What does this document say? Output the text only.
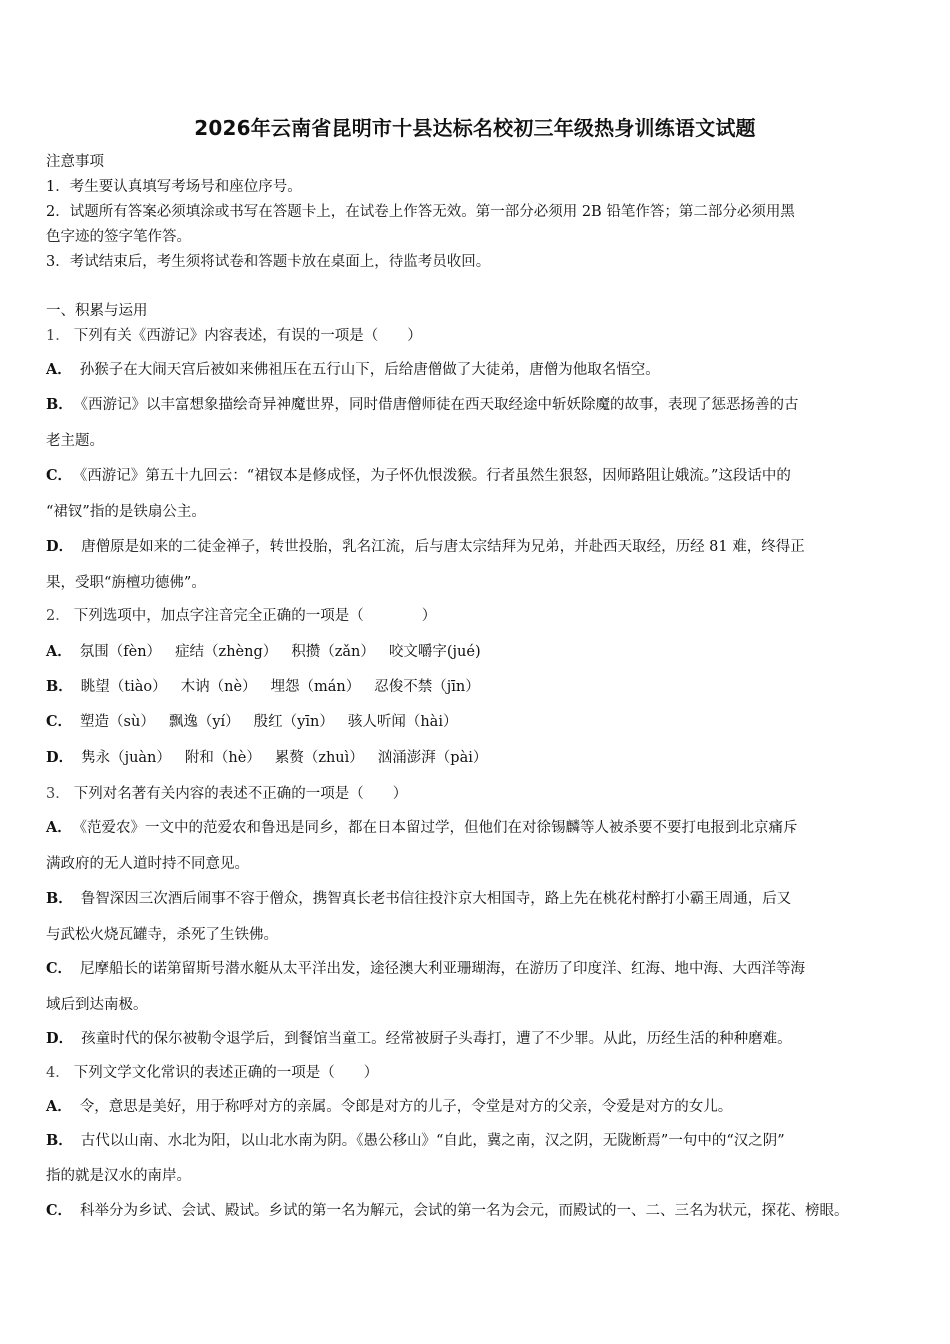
2026年云南省昆明市十县达标名校初三年级热身训练语文试题
注意事项
1．考生要认真填写考场号和座位序号。
2．试题所有答案必须填涂或书写在答题卡上，在试卷上作答无效。第一部分必须用 2B 铅笔作答；第二部分必须用黑
色字迹的签字笔作答。
3．考试结束后，考生须将试卷和答题卡放在桌面上，待监考员收回。
一、积累与运用
1． 下列有关《西游记》内容表述，有误的一项是（　　）
A． 孙猴子在大闹天宫后被如来佛祖压在五行山下，后给唐僧做了大徒弟，唐僧为他取名悟空。
B． 《西游记》以丰富想象描绘奇异神魔世界，同时借唐僧师徒在西天取经途中斩妖除魔的故事，表现了惩恶扬善的古
老主题。
C． 《西游记》第五十九回云：“裙钗本是修成怪，为子怀仇恨泼猴。行者虽然生狠怒，因师路阻让娥流。”这段话中的
“裙钗”指的是铁扇公主。
D． 唐僧原是如来的二徒金禅子，转世投胎，乳名江流，后与唐太宗结拜为兄弟，并赴西天取经，历经 81 难，终得正
果，受职“旃檀功德佛”。
2． 下列选项中，加点字注音完全正确的一项是（　　　　）
A． 氛围（fèn） 症结（zhèng） 积攒（zǎn） 咬文嚼字(jué)
B． 眺望（tiào） 木讷（nè） 埋怨（mán） 忍俊不禁（jīn）
C． 塑造（sù） 飘逸（yí） 殷红（yīn） 骇人听闻（hài）
D． 隽永（juàn） 附和（hè） 累赘（zhuì） 汹涌澎湃（pài）
3． 下列对名著有关内容的表述不正确的一项是（　　）
A． 《范爱农》一文中的范爱农和鲁迅是同乡，都在日本留过学，但他们在对徐锡麟等人被杀要不要打电报到北京痛斥
满政府的无人道时持不同意见。
B． 鲁智深因三次酒后闹事不容于僧众，携智真长老书信往投汴京大相国寺，路上先在桃花村醉打小霸王周通，后又
与武松火烧瓦罐寺，杀死了生铁佛。
C． 尼摩船长的诺第留斯号潜水艇从太平洋出发，途径澳大利亚珊瑚海，在游历了印度洋、红海、地中海、大西洋等海
域后到达南极。
D． 孩童时代的保尔被勒令退学后，到餐馆当童工。经常被厨子头毒打，遭了不少罪。从此，历经生活的种种磨难。
4． 下列文学文化常识的表述正确的一项是（　　）
A． 令，意思是美好，用于称呼对方的亲属。令郎是对方的儿子，令堂是对方的父亲，令爱是对方的女儿。
B． 古代以山南、水北为阳，以山北水南为阴。《愚公移山》“自此，冀之南，汉之阴，无陇断焉”一句中的“汉之阴”
指的就是汉水的南岸。
C． 科举分为乡试、会试、殿试。乡试的第一名为解元，会试的第一名为会元，而殿试的一、二、三名为状元，探花、榜眼。
